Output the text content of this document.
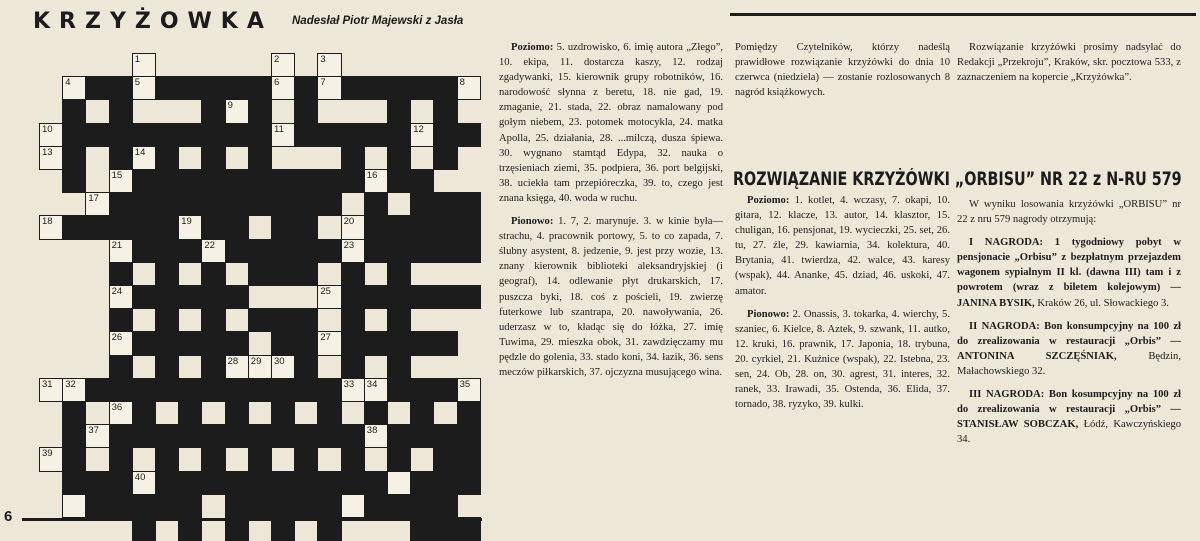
KRZYŻOWKA Nadesłał Piotr Majewski z Jasła
1	2	3
4	5	6	7	8
9
10	11	12
13	14
15	16
17
18	19	20
21	22	23
24	25
26	27
28 29 30
31 32	33 34	35
36
37	38
39
40

Poziomo: 5. uzdrowisko, 6. imię autora „Złego”, 10. ekipa, 11. dostarcza kaszy, 12. rodzaj zgadywanki, 15. kierownik grupy robotników, 16. narodowość słynna z beretu, 18. nie gad, 19. zmaganie, 21. stada, 22. obraz namalowany pod gołym niebem, 23. potomek motocykla, 24. matka Apolla, 25. działania, 28. ...milczą, dusza śpiewa. 30. wygnano stamtąd Edypa, 32. nauka o trzęsieniach ziemi, 35. podpiera, 36. port belgijski, 38. uciekła tam przepióreczka, 39. to, czego jest znana księga, 40. woda w ruchu.

Pionowo: 1. 7, 2. marynuje. 3. w kinie była—strachu, 4. pracownik portowy, 5. to co zapada, 7. ślubny asystent, 8. jedzenie, 9. jest przy wozie, 13. znany kierownik biblioteki aleksandryjskiej (i geograf), 14. odlewanie płyt drukarskich, 17. puszcza byki, 18. coś z pościeli, 19. zwierzę futerkowe lub szantrapa, 20. nawoływania, 26. uderzasz w to, kładąc się do łóżka, 27. imię Tuwima, 29. mieszka obok, 31. zawdzięczamy mu pędzle do golenia, 33. stado koni, 34. łazik, 36. sens meczów piłkarskich, 37. ojczyzna musującego wina.

Pomiędzy Czytelników, którzy nadeślą prawidłowe rozwiązanie krzyżówki do dnia 10 czerwca (niedziela) — zostanie rozlosowanych 8 nagród książkowych.

Rozwiązanie krzyżówki prosimy nadsyłać do Redakcji „Przekroju”, Kraków, skr. pocztowa 533, z zaznaczeniem na kopercie „Krzyżówka”.

ROZWIĄZANIE KRZYŻÓWKI „ORBISU” NR 22 z N-RU 579

Poziomo: 1. kotlet, 4. wczasy, 7. okapi, 10. gitara, 12. klacze, 13. autor, 14. klasztor, 15. chuligan, 16. pensjonat, 19. wycieczki, 25. set, 26. tu, 27. źle, 29. kawiarnia, 34. kolektura, 40. Brytania, 41. twierdza, 42. walce, 43. karesy (wspak), 44. Ananke, 45. dziad, 46. uskoki, 47. amator.

Pionowo: 2. Onassis, 3. tokarka, 4. wierchy, 5. szaniec, 6. Kielce, 8. Aztek, 9. szwank, 11. autko, 12. kruki, 16. prawnik, 17. Japonia, 18. trybuna, 20. cyrkiel, 21. Kuźnice (wspak), 22. Istebna, 23. sen, 24. Ob, 28. on, 30. agrest, 31. interes, 32. ranek, 33. Irawadi, 35. Ostenda, 36. Elida, 37. tornado, 38. ryzyko, 39. kulki.

W wyniku losowania krzyżówki „ORBISU” nr 22 z nru 579 nagrody otrzymują:

I NAGRODA: 1 tygodniowy pobyt w pensjonacie „Orbisu” z bezpłatnym przejazdem wagonem sypialnym II kl. (dawna III) tam i z powrotem (wraz z biletem kolejowym) — JANINA BYSIK, Kraków 26, ul. Słowackiego 3.

II NAGRODA: Bon konsumpcyjny na 100 zł do zrealizowania w restauracji „Orbis” — ANTONINA SZCZĘŚNIAK,	Będzin, Małachowskiego 32.

III NAGRODA: Bon kosumpcyjny na 100 zł do zrealizowania w restauracji „Orbis” — STANISŁAW SOBCZAK, Łódź, Kawczyńskiego 34.

6
